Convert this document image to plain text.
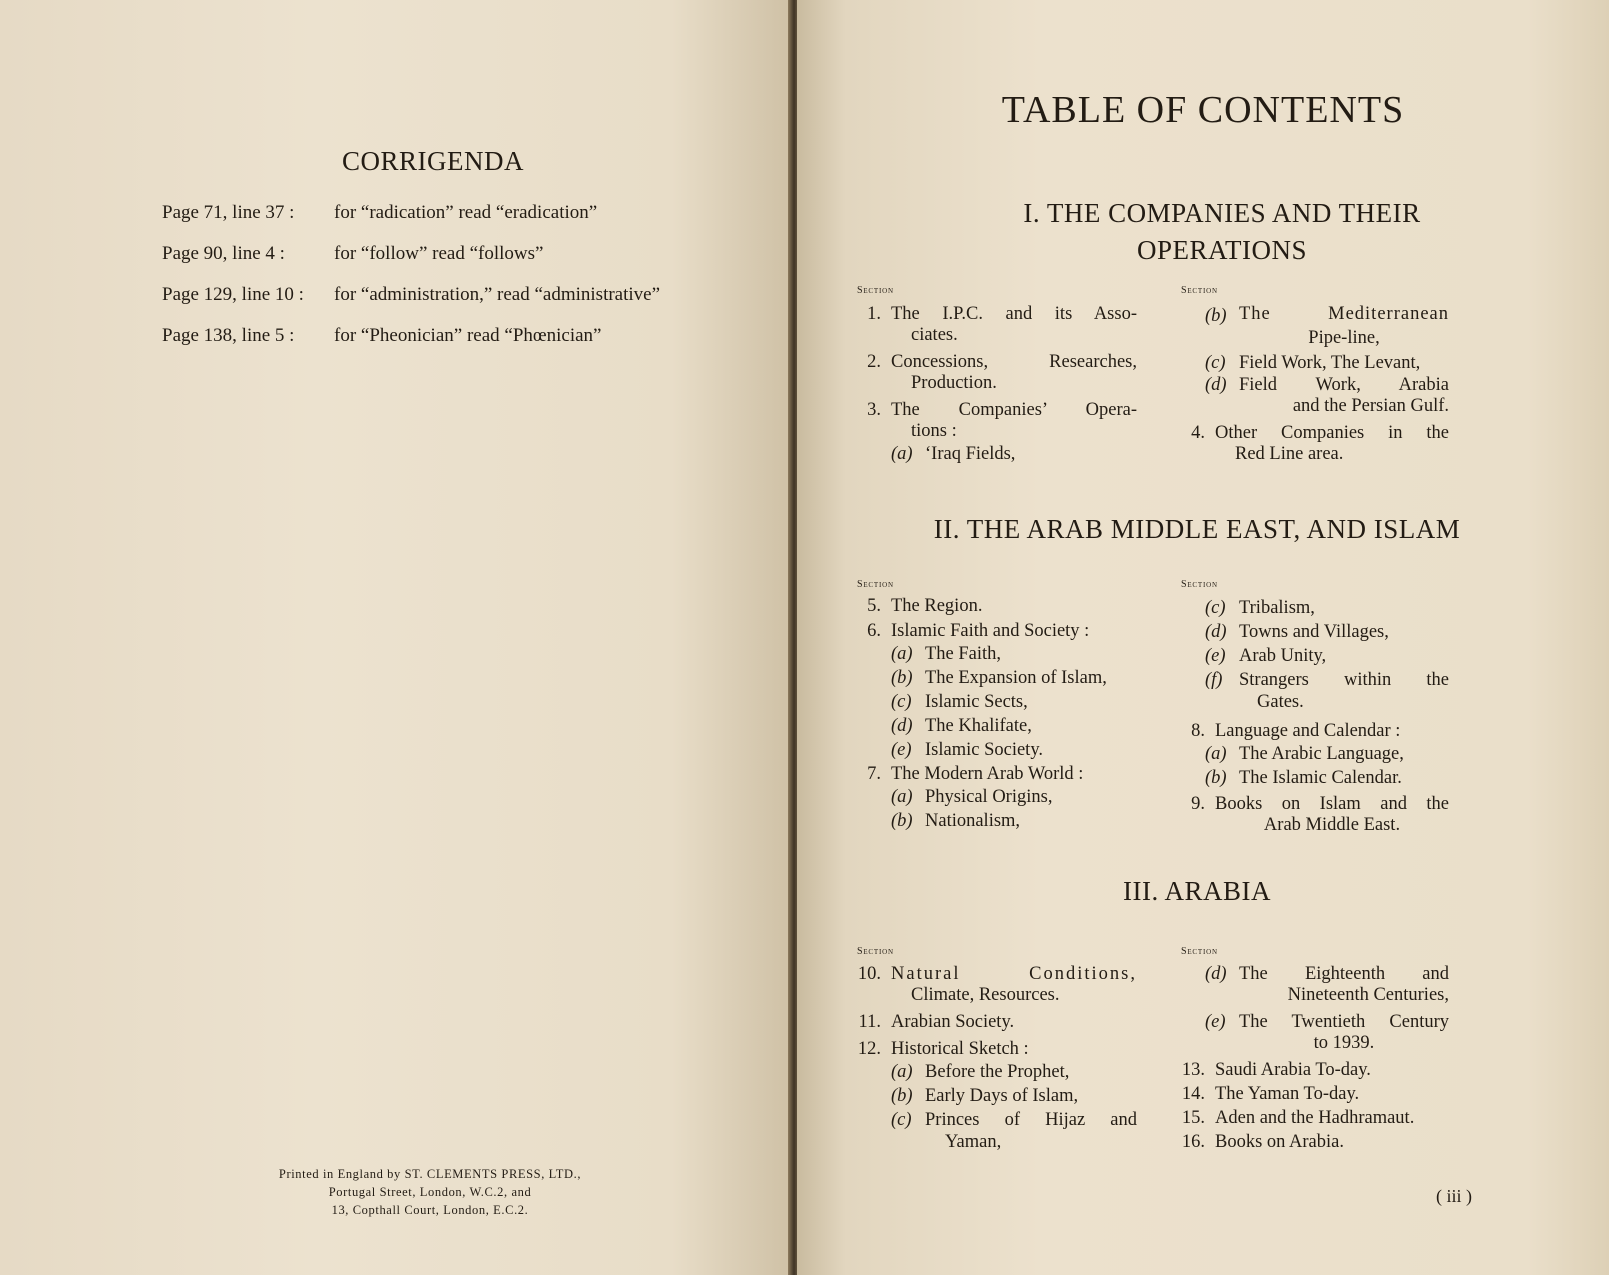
CORRIGENDA
Page 71, line 37 :	for “radication” read “eradication”
Page 90, line 4 :	for “follow” read “follows”
Page 129, line 10 :	for “administration,” read “administrative”
Page 138, line 5 :	for “Pheonician” read “Phœnician”
Printed in England by ST. CLEMENTS PRESS, LTD.,
Portugal Street, London, W.C.2, and
13, Copthall Court, London, E.C.2.
TABLE OF CONTENTS
I. THE COMPANIES AND THEIR
OPERATIONS
Section	Section
1. The I.P.C. and its Asso-
ciates.
2. Concessions, Researches,
Production.
3. The Companies’ Opera-
tions :
(a) ‘Iraq Fields,
(b) The Mediterranean
Pipe-line,
(c) Field Work, The Levant,
(d) Field Work, Arabia
and the Persian Gulf.
4. Other Companies in the
Red Line area.
II. THE ARAB MIDDLE EAST, AND ISLAM
Section	Section
5. The Region.
6. Islamic Faith and Society :
(a) The Faith,
(b) The Expansion of Islam,
(c) Islamic Sects,
(d) The Khalifate,
(e) Islamic Society.
7. The Modern Arab World :
(a) Physical Origins,
(b) Nationalism,
(c) Tribalism,
(d) Towns and Villages,
(e) Arab Unity,
(f) Strangers within the
Gates.
8. Language and Calendar :
(a) The Arabic Language,
(b) The Islamic Calendar.
9. Books on Islam and the
Arab Middle East.
III. ARABIA
Section	Section
10. Natural Conditions,
Climate, Resources.
11. Arabian Society.
12. Historical Sketch :
(a) Before the Prophet,
(b) Early Days of Islam,
(c) Princes of Hijaz and
Yaman,
(d) The Eighteenth and
Nineteenth Centuries,
(e) The Twentieth Century
to 1939.
13. Saudi Arabia To-day.
14. The Yaman To-day.
15. Aden and the Hadhramaut.
16. Books on Arabia.
( iii )
